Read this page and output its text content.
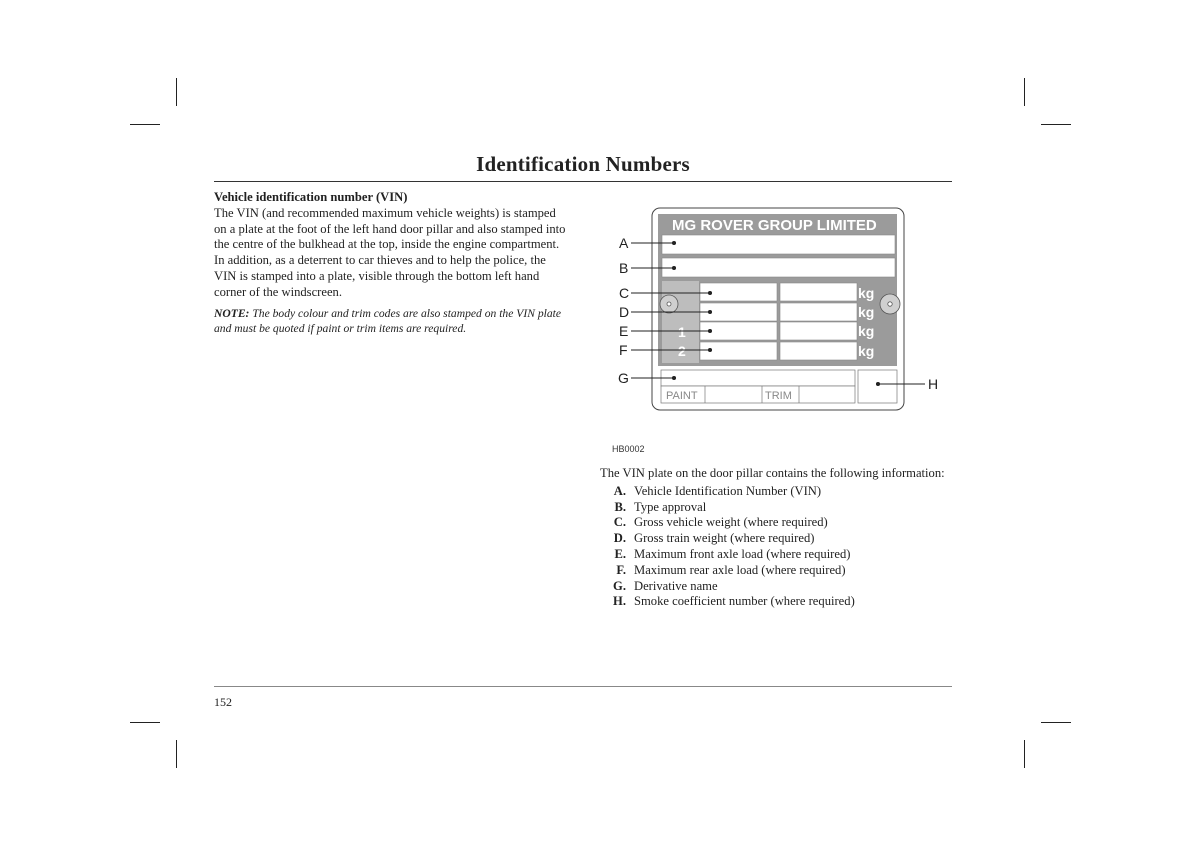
Identification Numbers

Vehicle identification number (VIN)

The VIN (and recommended maximum vehicle weights) is stamped on a plate at the foot of the left hand door pillar and also stamped into the centre of the bulkhead at the top, inside the engine compartment. In addition, as a deterrent to car thieves and to help the police, the VIN is stamped into a plate, visible through the bottom left hand corner of the windscreen.

NOTE: The body colour and trim codes are also stamped on the VIN plate and must be quoted if paint or trim items are required.

MG ROVER GROUP LIMITED
1
2
kg
kg
kg
kg
PAINT	TRIM
A
B
C
D
E
F
G	H
HB0002

The VIN plate on the door pillar contains the following information:

A. Vehicle Identification Number (VIN)
B. Type approval
C. Gross vehicle weight (where required)
D. Gross train weight (where required)
E. Maximum front axle load (where required)
F. Maximum rear axle load (where required)
G. Derivative name
H. Smoke coefficient number (where required)
152
